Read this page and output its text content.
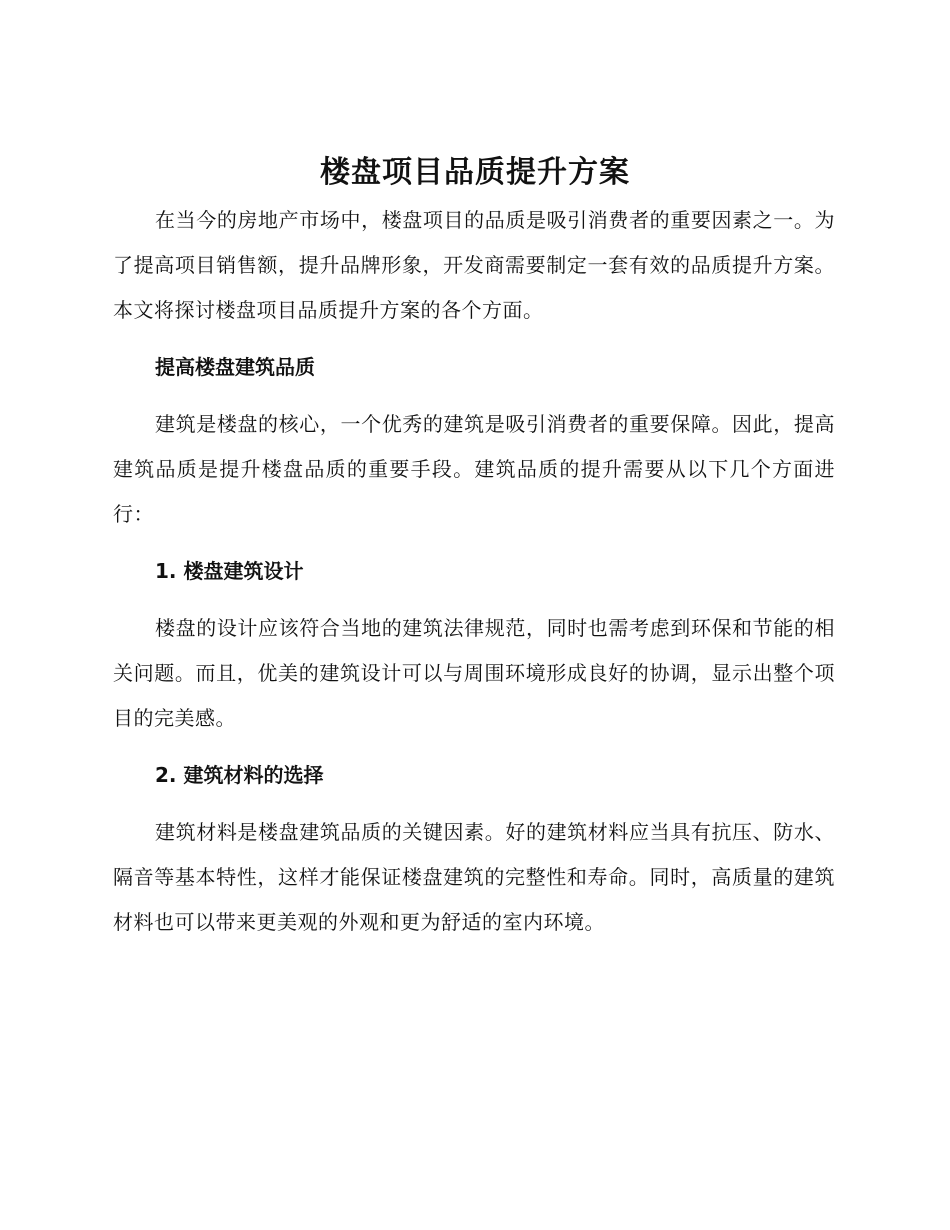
楼盘项目品质提升方案

在当今的房地产市场中，楼盘项目的品质是吸引消费者的重要因素之一。为了提高项目销售额，提升品牌形象，开发商需要制定一套有效的品质提升方案。本文将探讨楼盘项目品质提升方案的各个方面。

提高楼盘建筑品质

建筑是楼盘的核心，一个优秀的建筑是吸引消费者的重要保障。因此，提高建筑品质是提升楼盘品质的重要手段。建筑品质的提升需要从以下几个方面进行：

1. 楼盘建筑设计

楼盘的设计应该符合当地的建筑法律规范，同时也需考虑到环保和节能的相关问题。而且，优美的建筑设计可以与周围环境形成良好的协调，显示出整个项目的完美感。

2. 建筑材料的选择

建筑材料是楼盘建筑品质的关键因素。好的建筑材料应当具有抗压、防水、隔音等基本特性，这样才能保证楼盘建筑的完整性和寿命。同时，高质量的建筑材料也可以带来更美观的外观和更为舒适的室内环境。
